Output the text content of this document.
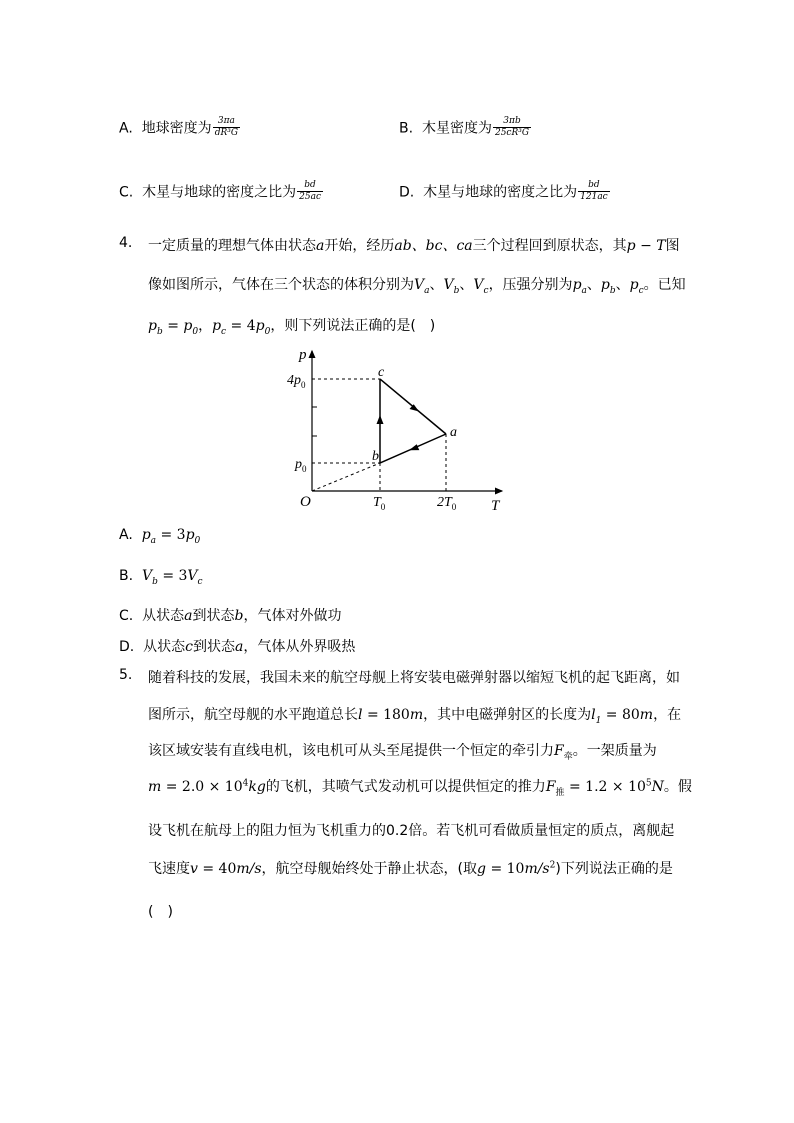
A. 地球密度为 $\frac{3\pi a}{\text{dR³G}}$	B. 木星密度为 $\frac{3\pi b}{\text{25cR³G}}$
C. 木星与地球的密度之比为 $\frac{bd}{25ac}$	D. 木星与地球的密度之比为 $\frac{bd}{121ac}$
4. 一定质量的理想气体由状态a开始，经历ab、bc、ca三个过程回到原状态，其p − T图
像如图所示，气体在三个状态的体积分别为$V_a$、$V_b$、$V_c$，压强分别为$p_a$、$p_b$、$p_c$。已知
$p_b = p_0$，$p_c = 4p_0$，则下列说法正确的是(　)
p
T
O
$4p_0$
$p_0$
$T_0$	$2T_0$
c
a
b
A. $p_a = 3p_0$
B. $V_b = 3V_c$
C. 从状态a到状态b，气体对外做功
D. 从状态c到状态a，气体从外界吸热
5. 随着科技的发展，我国未来的航空母舰上将安装电磁弹射器以缩短飞机的起飞距离，如
图所示，航空母舰的水平跑道总长l = 180m，其中电磁弹射区的长度为$l_1 = 80m$，在
该区域安装有直线电机，该电机可从头至尾提供一个恒定的牵引力$F_牵$。一架质量为
$m = 2.0 \times 10^4kg$的飞机，其喷气式发动机可以提供恒定的推力$F_推 = 1.2 \times 10^5N$。假
设飞机在航母上的阻力恒为飞机重力的0.2倍。若飞机可看做质量恒定的质点，离舰起
飞速度v = 40m/s，航空母舰始终处于静止状态，(取$g = 10m/s^2$)下列说法正确的是
(　)
